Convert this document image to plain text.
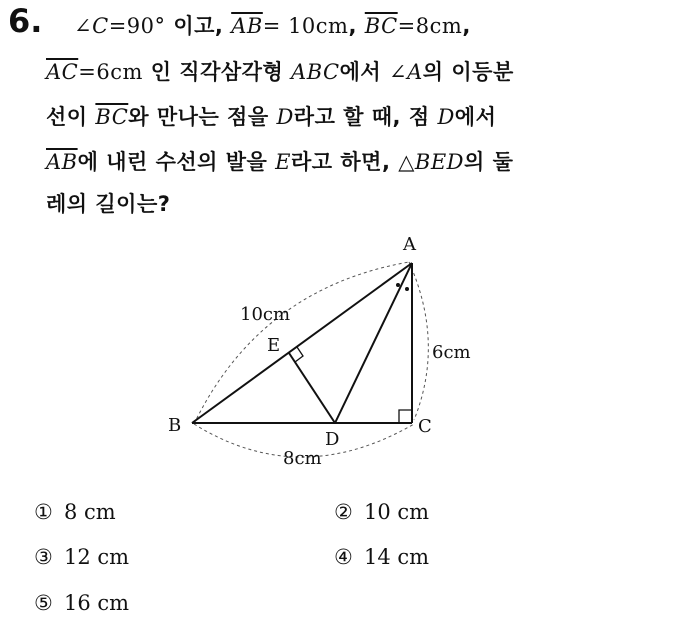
6. ∠C=90° 이고, $\overline{AB}= 10cm$, $\overline{BC}=8cm$,
$\overline{AC}=6cm$ 인 직각삼각형 ABC에서 ∠A의 이등분
선이 $\overline{BC}$와 만나는 점을 D라고 할 때, 점 D에서
$\overline{AB}$에 내린 수선의 발을 E라고 하면, △BED의 둘
레의 길이는?
A
B	C
D
E
10cm
6cm
8cm
① 8 cm	② 10 cm
③ 12 cm	④ 14 cm
⑤ 16 cm
